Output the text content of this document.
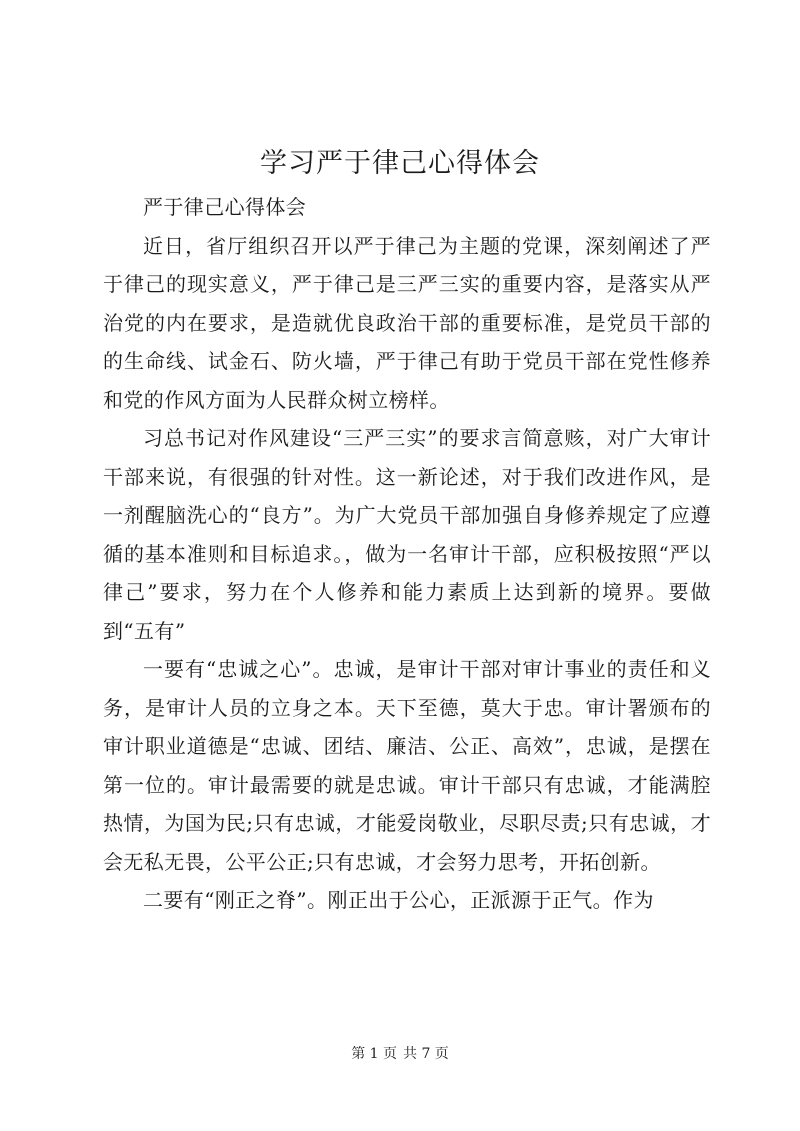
学习严于律己心得体会

严于律己心得体会

近日，省厅组织召开以严于律己为主题的党课，深刻阐述了严于律己的现实意义，严于律己是三严三实的重要内容，是落实从严治党的内在要求，是造就优良政治干部的重要标准，是党员干部的的生命线、试金石、防火墙，严于律己有助于党员干部在党性修养和党的作风方面为人民群众树立榜样。

习总书记对作风建设“三严三实”的要求言简意赅，对广大审计干部来说，有很强的针对性。这一新论述，对于我们改进作风，是一剂醒脑洗心的“良方”。为广大党员干部加强自身修养规定了应遵循的基本准则和目标追求。，做为一名审计干部，应积极按照“严以律己”要求，努力在个人修养和能力素质上达到新的境界。要做到“五有”

一要有“忠诚之心”。忠诚，是审计干部对审计事业的责任和义务，是审计人员的立身之本。天下至德，莫大于忠。审计署颁布的审计职业道德是“忠诚、团结、廉洁、公正、高效”，忠诚，是摆在第一位的。审计最需要的就是忠诚。审计干部只有忠诚，才能满腔热情，为国为民;只有忠诚，才能爱岗敬业，尽职尽责;只有忠诚，才会无私无畏，公平公正;只有忠诚，才会努力思考，开拓创新。

二要有“刚正之脊”。刚正出于公心，正派源于正气。作为

第 1 页 共 7 页
